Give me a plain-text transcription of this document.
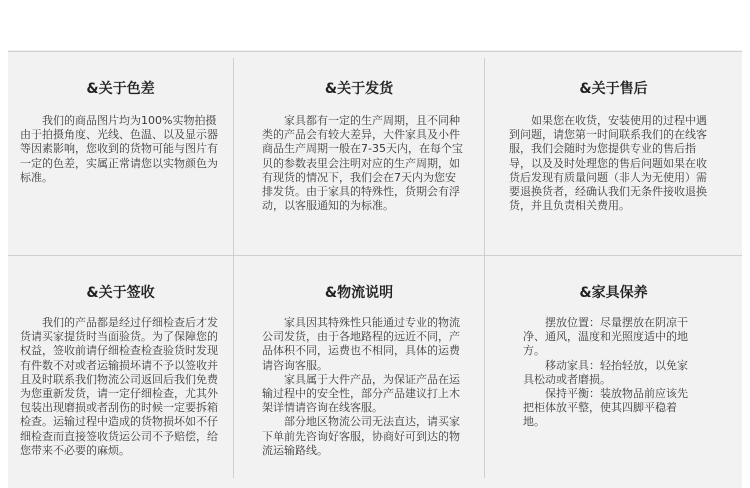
&关于色差

我们的商品图片均为100%实物拍摄由于拍摄角度、光线、色温、以及显示器等因素影响，您收到的货物可能与图片有一定的色差，实属正常请您以实物颜色为标准。

&关于发货

家具都有一定的生产周期，且不同种类的产品会有较大差异，大件家具及小件商品生产周期一般在7-35天内，在每个宝贝的参数表里会注明对应的生产周期，如有现货的情况下，我们会在7天内为您安排发货。由于家具的特殊性，货期会有浮动，以客服通知的为标准。

&关于售后

如果您在收货，安装使用的过程中遇到问题，请您第一时间联系我们的在线客服，我们会随时为您提供专业的售后指导，以及及时处理您的售后问题如果在收货后发现有质量问题（非人为无使用）需要退换货者，经确认我们无条件接收退换货，并且负责相关费用。

&关于签收

我们的产品都是经过仔细检查后才发货请买家提货时当面验货。为了保障您的权益，签收前请仔细检查检查验货时发现有件数不对或者运输损坏请不予以签收并且及时联系我们物流公司返回后我们免费为您重新发货，请一定仔细检查，尤其外包装出现磨损或者刮伤的时候一定要拆箱检查。运输过程中造成的货物损坏如不仔细检查而直接签收货运公司不予赔偿，给您带来不必要的麻烦。

&物流说明

家具因其特殊性只能通过专业的物流公司发货，由于各地路程的远近不同，产品体积不同，运费也不相同，具体的运费请咨询客服。

家具属于大件产品，为保证产品在运输过程中的安全性，部分产品建议打上木架详情请咨询在线客服。

部分地区物流公司无法直达，请买家下单前先咨询好客服，协商好可到达的物流运输路线。

&家具保养

摆放位置：尽量摆放在阴凉干净、通风，温度和光照度适中的地方。

移动家具：轻抬轻放，以免家具松动或者磨损。

保持平衡：装放物品前应该先把柜体放平整，使其四脚平稳着地。
